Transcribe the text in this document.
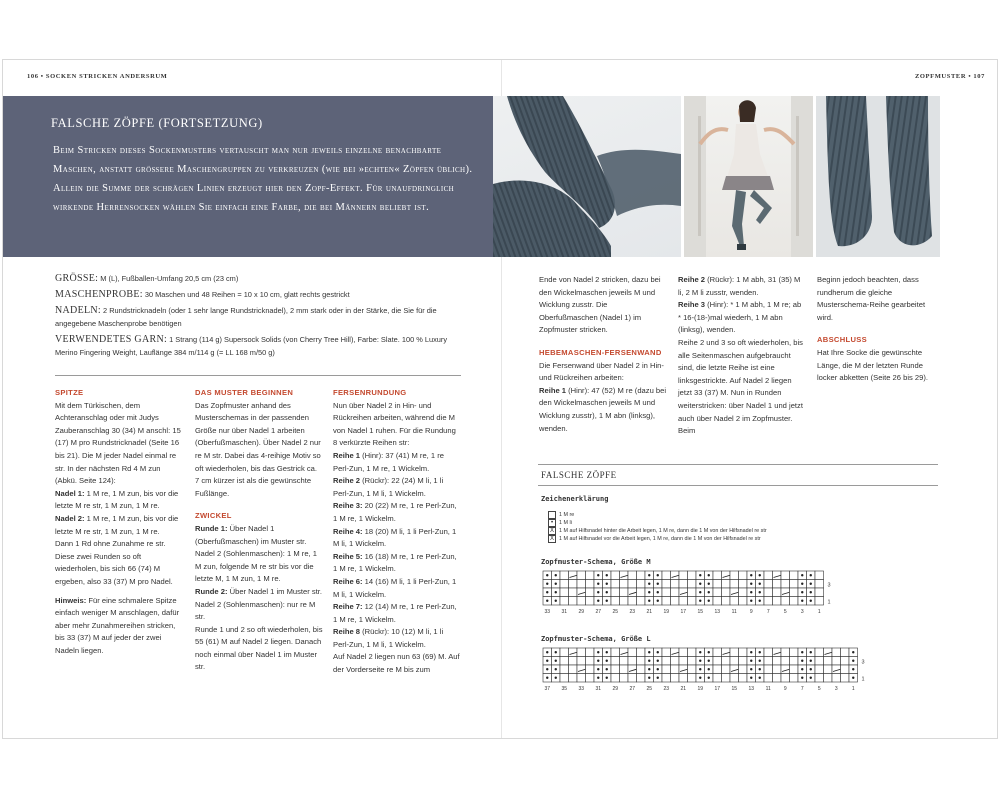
106 • SOCKEN STRICKEN ANDERSRUM	ZOPFMUSTER • 107
FALSCHE ZÖPFE (FORTSETZUNG)

Beim Stricken dieses Sockenmusters vertauscht man nur jeweils einzelne benachbarte Maschen, anstatt größere Maschengruppen zu verkreuzen (wie bei »echten« Zöpfen üblich). Allein die Summe der schrägen Linien erzeugt hier den Zopf-Effekt. Für unaufdringlich wirkende Herrensocken wählen Sie einfach eine Farbe, die bei Männern beliebt ist.

GRÖSSE: M (L), Fußballen-Umfang 20,5 cm (23 cm)
MASCHENPROBE: 30 Maschen und 48 Reihen = 10 x 10 cm, glatt rechts gestrickt
NADELN: 2 Rundstricknadeln (oder 1 sehr lange Rundstricknadel), 2 mm stark oder in der Stärke, die Sie für die angegebene Maschenprobe benötigen
VERWENDETES GARN: 1 Strang (114 g) Supersock Solids (von Cherry Tree Hill), Farbe: Slate. 100 % Luxury Merino Fingering Weight, Lauflänge 384 m/114 g (= LL 168 m/50 g)

SPITZE

Mit dem Türkischen, dem Achteranschlag oder mit Judys Zauberanschlag 30 (34) M anschl: 15 (17) M pro Rundstricknadel (Seite 16 bis 21). Die M jeder Nadel einmal re str. In der nächsten Rd 4 M zun (Abkü. Seite 124):

Nadel 1: 1 M re, 1 M zun, bis vor die letzte M re str, 1 M zun, 1 M re.

Nadel 2: 1 M re, 1 M zun, bis vor die letzte M re str, 1 M zun, 1 M re.

Dann 1 Rd ohne Zunahme re str. Diese zwei Runden so oft wiederholen, bis sich 66 (74) M ergeben, also 33 (37) M pro Nadel.

Hinweis: Für eine schmalere Spitze einfach weniger M anschlagen, dafür aber mehr Zunahmereihen stricken, bis 33 (37) M auf jeder der zwei Nadeln liegen.

DAS MUSTER BEGINNEN

Das Zopfmuster anhand des Musterschemas in der passenden Größe nur über Nadel 1 arbeiten (Oberfußmaschen). Über Nadel 2 nur re M str. Dabei das 4-reihige Motiv so oft wiederholen, bis das Gestrick ca. 7 cm kürzer ist als die gewünschte Fußlänge.

ZWICKEL

Runde 1: Über Nadel 1 (Oberfußmaschen) im Muster str. Nadel 2 (Sohlenmaschen): 1 M re, 1 M zun, folgende M re str bis vor die letzte M, 1 M zun, 1 M re.

Runde 2: Über Nadel 1 im Muster str. Nadel 2 (Sohlenmaschen): nur re M str.

Runde 1 und 2 so oft wiederholen, bis 55 (61) M auf Nadel 2 liegen. Danach noch einmal über Nadel 1 im Muster str.

FERSENRUNDUNG

Nun über Nadel 2 in Hin- und Rückreihen arbeiten, während die M von Nadel 1 ruhen. Für die Rundung 8 verkürzte Reihen str:

Reihe 1 (Hinr): 37 (41) M re, 1 re Perl-Zun, 1 M re, 1 Wickelm.

Reihe 2 (Rückr): 22 (24) M li, 1 li Perl-Zun, 1 M li, 1 Wickelm.

Reihe 3: 20 (22) M re, 1 re Perl-Zun, 1 M re, 1 Wickelm.

Reihe 4: 18 (20) M li, 1 li Perl-Zun, 1 M li, 1 Wickelm.

Reihe 5: 16 (18) M re, 1 re Perl-Zun, 1 M re, 1 Wickelm.

Reihe 6: 14 (16) M li, 1 li Perl-Zun, 1 M li, 1 Wickelm.

Reihe 7: 12 (14) M re, 1 re Perl-Zun, 1 M re, 1 Wickelm.

Reihe 8 (Rückr): 10 (12) M li, 1 li Perl-Zun, 1 M li, 1 Wickelm.

Auf Nadel 2 liegen nun 63 (69) M. Auf der Vorderseite re M bis zum

Ende von Nadel 2 stricken, dazu bei den Wickelmaschen jeweils M und Wicklung zusstr. Die Oberfußmaschen (Nadel 1) im Zopfmuster stricken.

HEBEMASCHEN-FERSENWAND

Die Fersenwand über Nadel 2 in Hin- und Rückreihen arbeiten:

Reihe 1 (Hinr): 47 (52) M re (dazu bei den Wickelmaschen jeweils M und Wicklung zusstr), 1 M abn (linksg), wenden.

Reihe 2 (Rückr): 1 M abh, 31 (35) M li, 2 M li zusstr, wenden.

Reihe 3 (Hinr): * 1 M abh, 1 M re; ab * 16-(18-)mal wiederh, 1 M abn (linksg), wenden.

Reihe 2 und 3 so oft wiederholen, bis alle Seitenmaschen aufgebraucht sind, die letzte Reihe ist eine linksgestrickte. Auf Nadel 2 liegen jetzt 33 (37) M. Nun in Runden weiterstricken: über Nadel 1 und jetzt auch über Nadel 2 im Zopfmuster. Beim

Beginn jedoch beachten, dass rundherum die gleiche Musterschema-Reihe gearbeitet wird.

ABSCHLUSS

Hat Ihre Socke die gewünschte Länge, die M der letzten Runde locker abketten (Seite 26 bis 29).

FALSCHE ZÖPFE
Zeichenerklärung
1 M re
•	1 M li
X 1 M auf Hilfsnadel hinter die Arbeit legen, 1 M re, dann die 1 M von der Hilfsnadel re str
X 1 M auf Hilfsnadel vor die Arbeit legen, 1 M re, dann die 1 M von der Hilfsnadel re str
Zopfmuster-Schema, Größe M
3
1
33 31 29 27 25 23 21 19 17 15 13 11	9	7	5	3	1
Zopfmuster-Schema, Größe L
3
1
37 35 33 31 29 27 25 23 21 19 17 15 13 11	9	7	5	3	1
